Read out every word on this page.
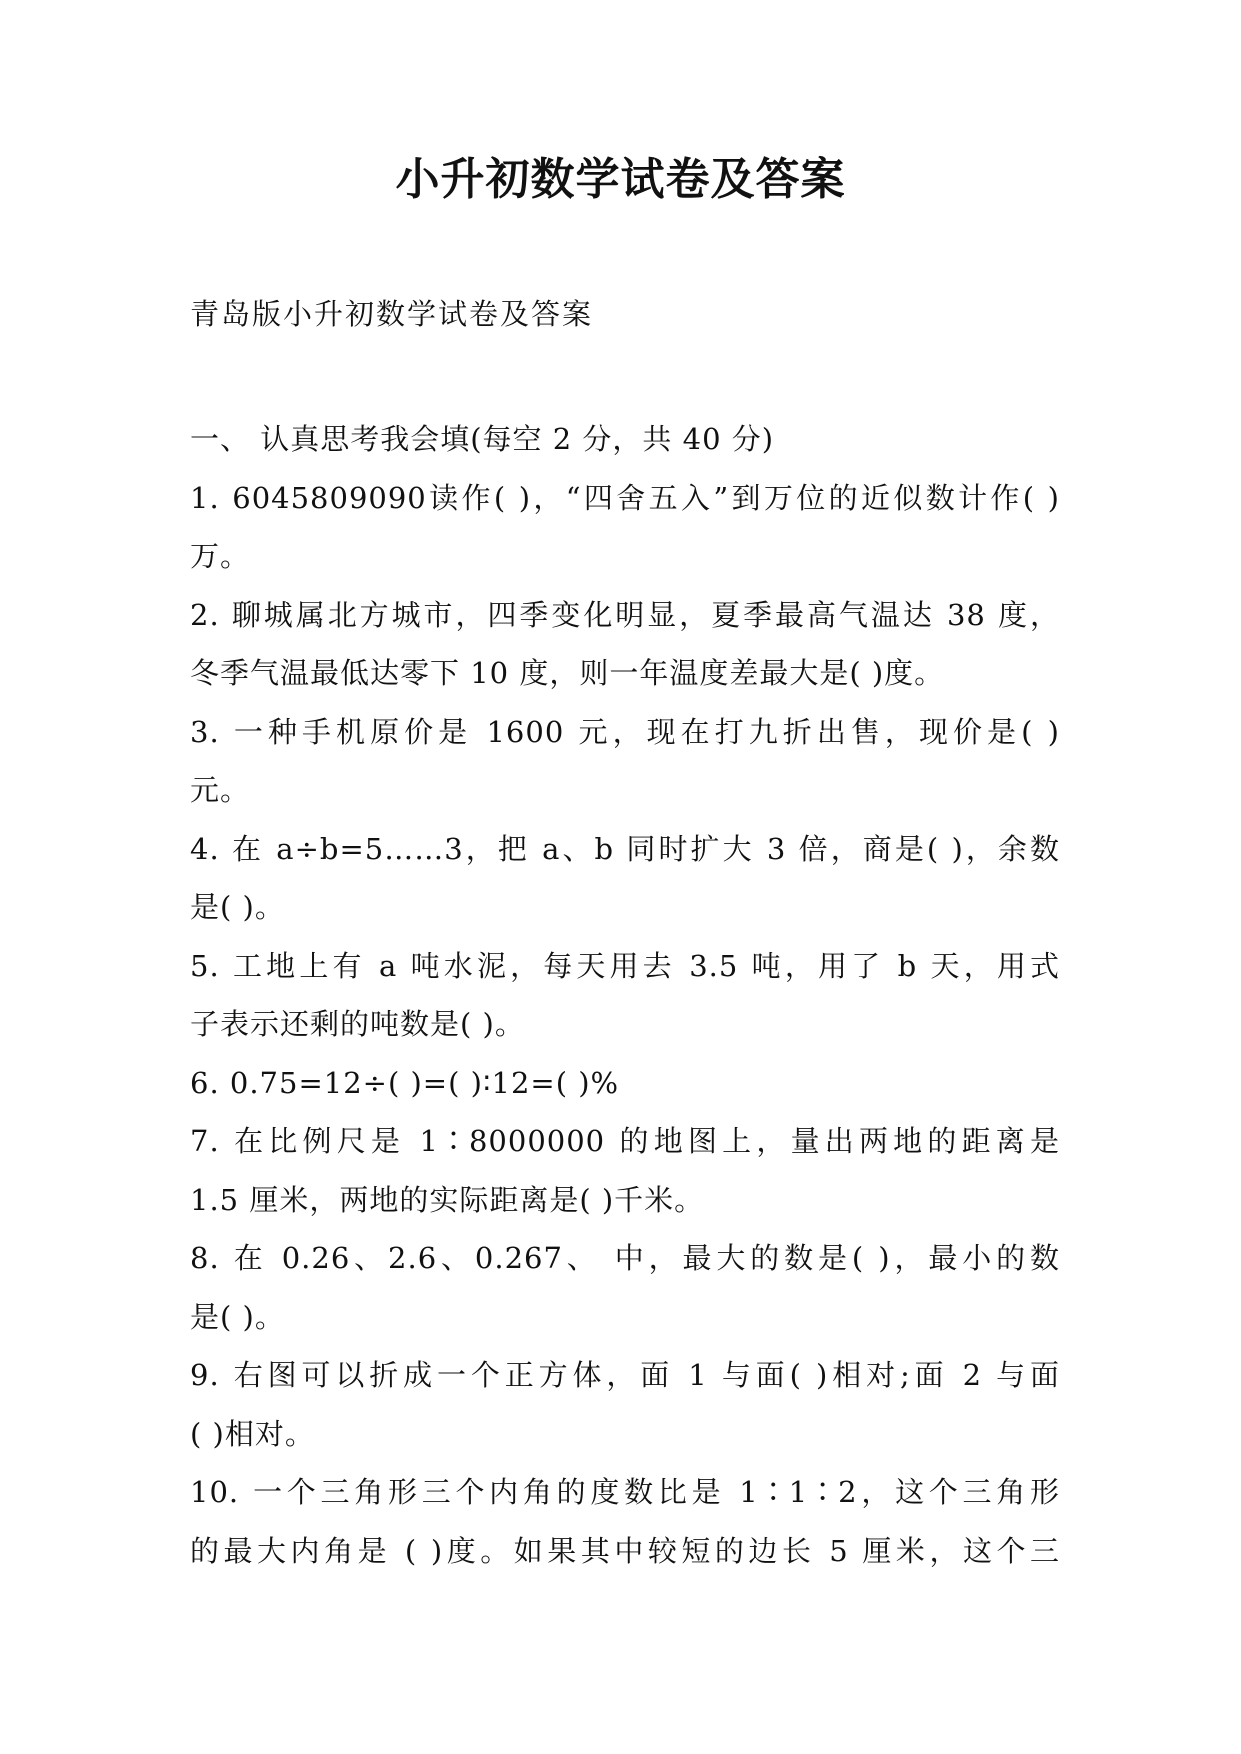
小升初数学试卷及答案
青岛版小升初数学试卷及答案
一、 认真思考我会填(每空 2 分，共 40 分)
1. 6045809090读作( )，“四舍五入”到万位的近似数计作( )
万。
2. 聊城属北方城市，四季变化明显，夏季最高气温达 38 度，
冬季气温最低达零下 10 度，则一年温度差最大是( )度。
3. 一种手机原价是 1600 元，现在打九折出售，现价是( )
元。
4. 在 a÷b=5……3，把 a、b 同时扩大 3 倍，商是( )，余数
是( )。
5. 工地上有 a 吨水泥，每天用去 3.5 吨，用了 b 天，用式
子表示还剩的吨数是( )。
6. 0.75=12÷( )=( )∶12=( )%
7. 在比例尺是 1∶8000000 的地图上，量出两地的距离是
1.5 厘米，两地的实际距离是( )千米。
8. 在 0.26、2.6、0.267、 中，最大的数是( )，最小的数
是( )。
9. 右图可以折成一个正方体，面 1 与面( )相对;面 2 与面
( )相对。
10. 一个三角形三个内角的度数比是 1∶1∶2，这个三角形
的最大内角是 ( )度。如果其中较短的边长 5 厘米，这个三
